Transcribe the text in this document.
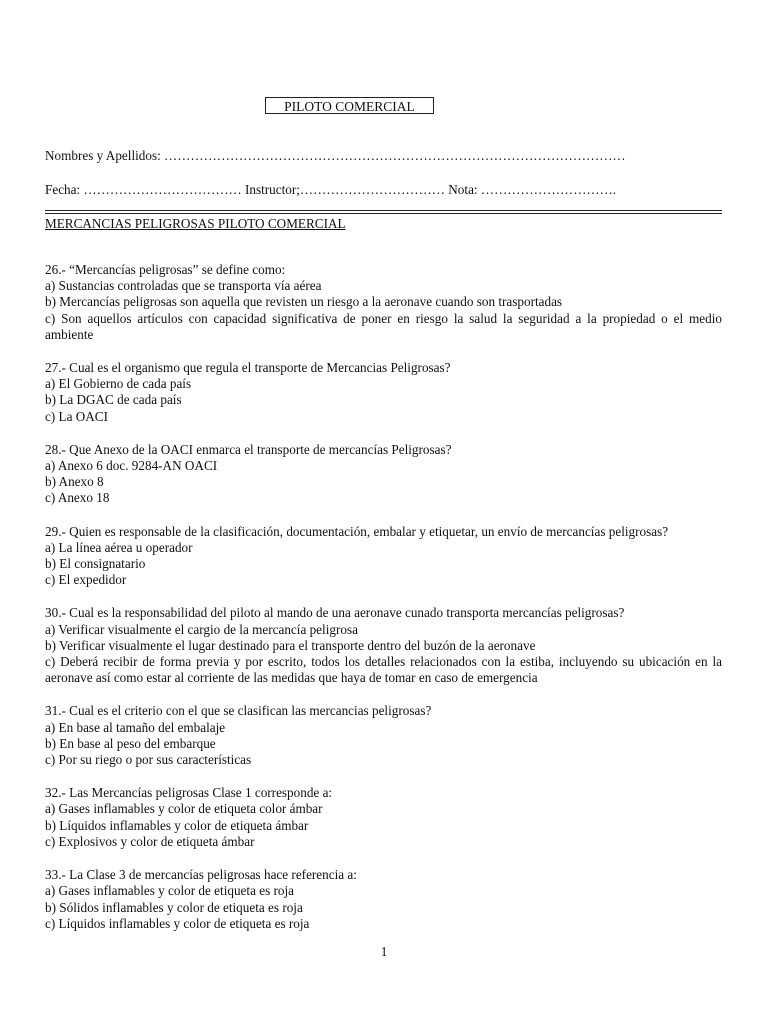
PILOTO COMERCIAL
Nombres y Apellidos: ……………………………………………………………………………………………
Fecha: ……………………………… Instructor;…………………………… Nota: ………………………….
MERCANCIAS PELIGROSAS PILOTO COMERCIAL
26.- “Mercancías peligrosas” se define como:
a) Sustancias controladas que se transporta vía aérea
b) Mercancías peligrosas son aquella que revisten un riesgo a la aeronave cuando son trasportadas
c) Son aquellos artículos con capacidad significativa de poner en riesgo la salud la seguridad a la propiedad o el medio ambiente
27.- Cual es el organismo que regula el transporte de Mercancias Peligrosas?
a) El Gobierno de cada país
b) La DGAC de cada país
c) La OACI
28.- Que Anexo de la OACI enmarca el transporte de mercancías Peligrosas?
a) Anexo 6 doc. 9284-AN OACI
b) Anexo 8
c) Anexo 18
29.- Quien es responsable de la clasificación, documentación, embalar y etiquetar, un envío de mercancías peligrosas?
a) La línea aérea u operador
b) El consignatario
c) El expedidor
30.- Cual es la responsabilidad del piloto al mando de una aeronave cunado transporta mercancías peligrosas?
a) Verificar visualmente el cargio de la mercancía peligrosa
b) Verificar visualmente el lugar destinado para el transporte dentro del buzón de la aeronave
c) Deberá recibir de forma previa y por escrito, todos los detalles relacionados con la estiba, incluyendo su ubicación en la aeronave así como estar al corriente de las medidas que haya de tomar en caso de emergencia
31.- Cual es el criterio con el que se clasifican las mercancias peligrosas?
a) En base al tamaño del embalaje
b) En base al peso del embarque
c) Por su riego o por sus características
32.- Las Mercancías peligrosas Clase 1 corresponde a:
a) Gases inflamables y color de etiqueta color ámbar
b) Líquidos inflamables y color de etiqueta ámbar
c) Explosivos y color de etiqueta ámbar
33.- La Clase 3 de mercancías peligrosas hace referencia a:
a) Gases inflamables y color de etiqueta es roja
b) Sólidos inflamables y color de etiqueta es roja
c) Líquidos inflamables y color de etiqueta es roja
1
